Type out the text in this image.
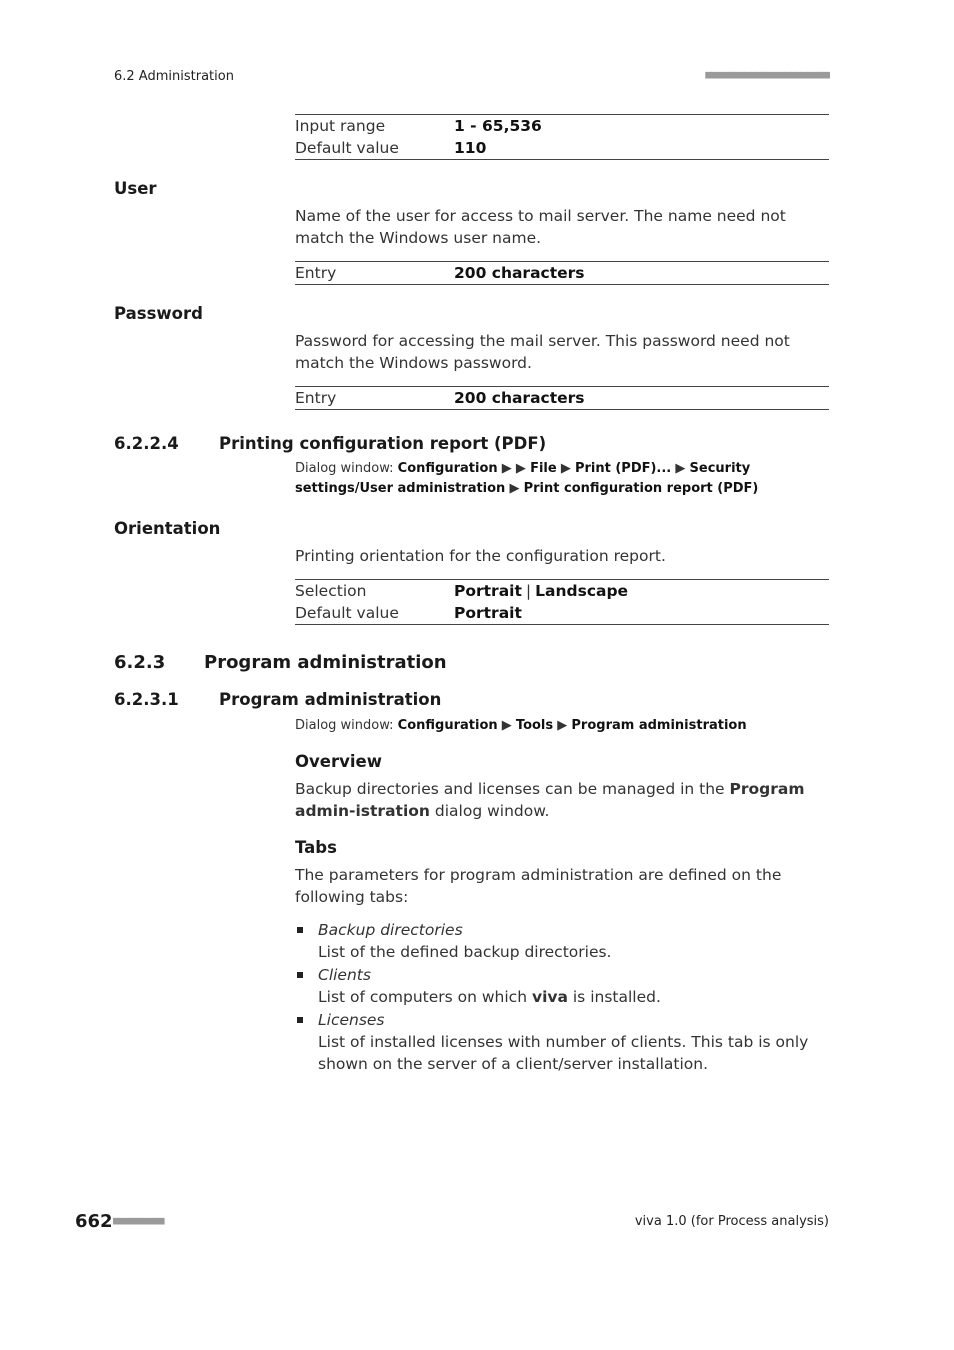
6.2 Administration	■■■■■■■■■■■■■■■■■■■■■■
Input range	1 - 65,536
Default value	110
User
Name of the user for access to mail server. The name need not match the Windows user name.
Entry	200 characters
Password
Password for accessing the mail server. This password need not match the Windows password.
Entry	200 characters
6.2.2.4 Printing configuration report (PDF)
Dialog window: Configuration ▶ ▶ File ▶ Print (PDF)... ▶ Security settings/User administration ▶ Print configuration report (PDF)
Orientation
Printing orientation for the configuration report.
Selection	Portrait | Landscape
Default value	Portrait
6.2.3 Program administration
6.2.3.1 Program administration
Dialog window: Configuration ▶ Tools ▶ Program administration
Overview
Backup directories and licenses can be managed in the Program admin-istration dialog window.
Tabs
The parameters for program administration are defined on the following tabs:
Backup directories
List of the defined backup directories.
Clients
List of computers on which viva is installed.
Licenses
List of installed licenses with number of clients. This tab is only shown on the server of a client/server installation.
662 ■■■■■■■■■	viva 1.0 (for Process analysis)
